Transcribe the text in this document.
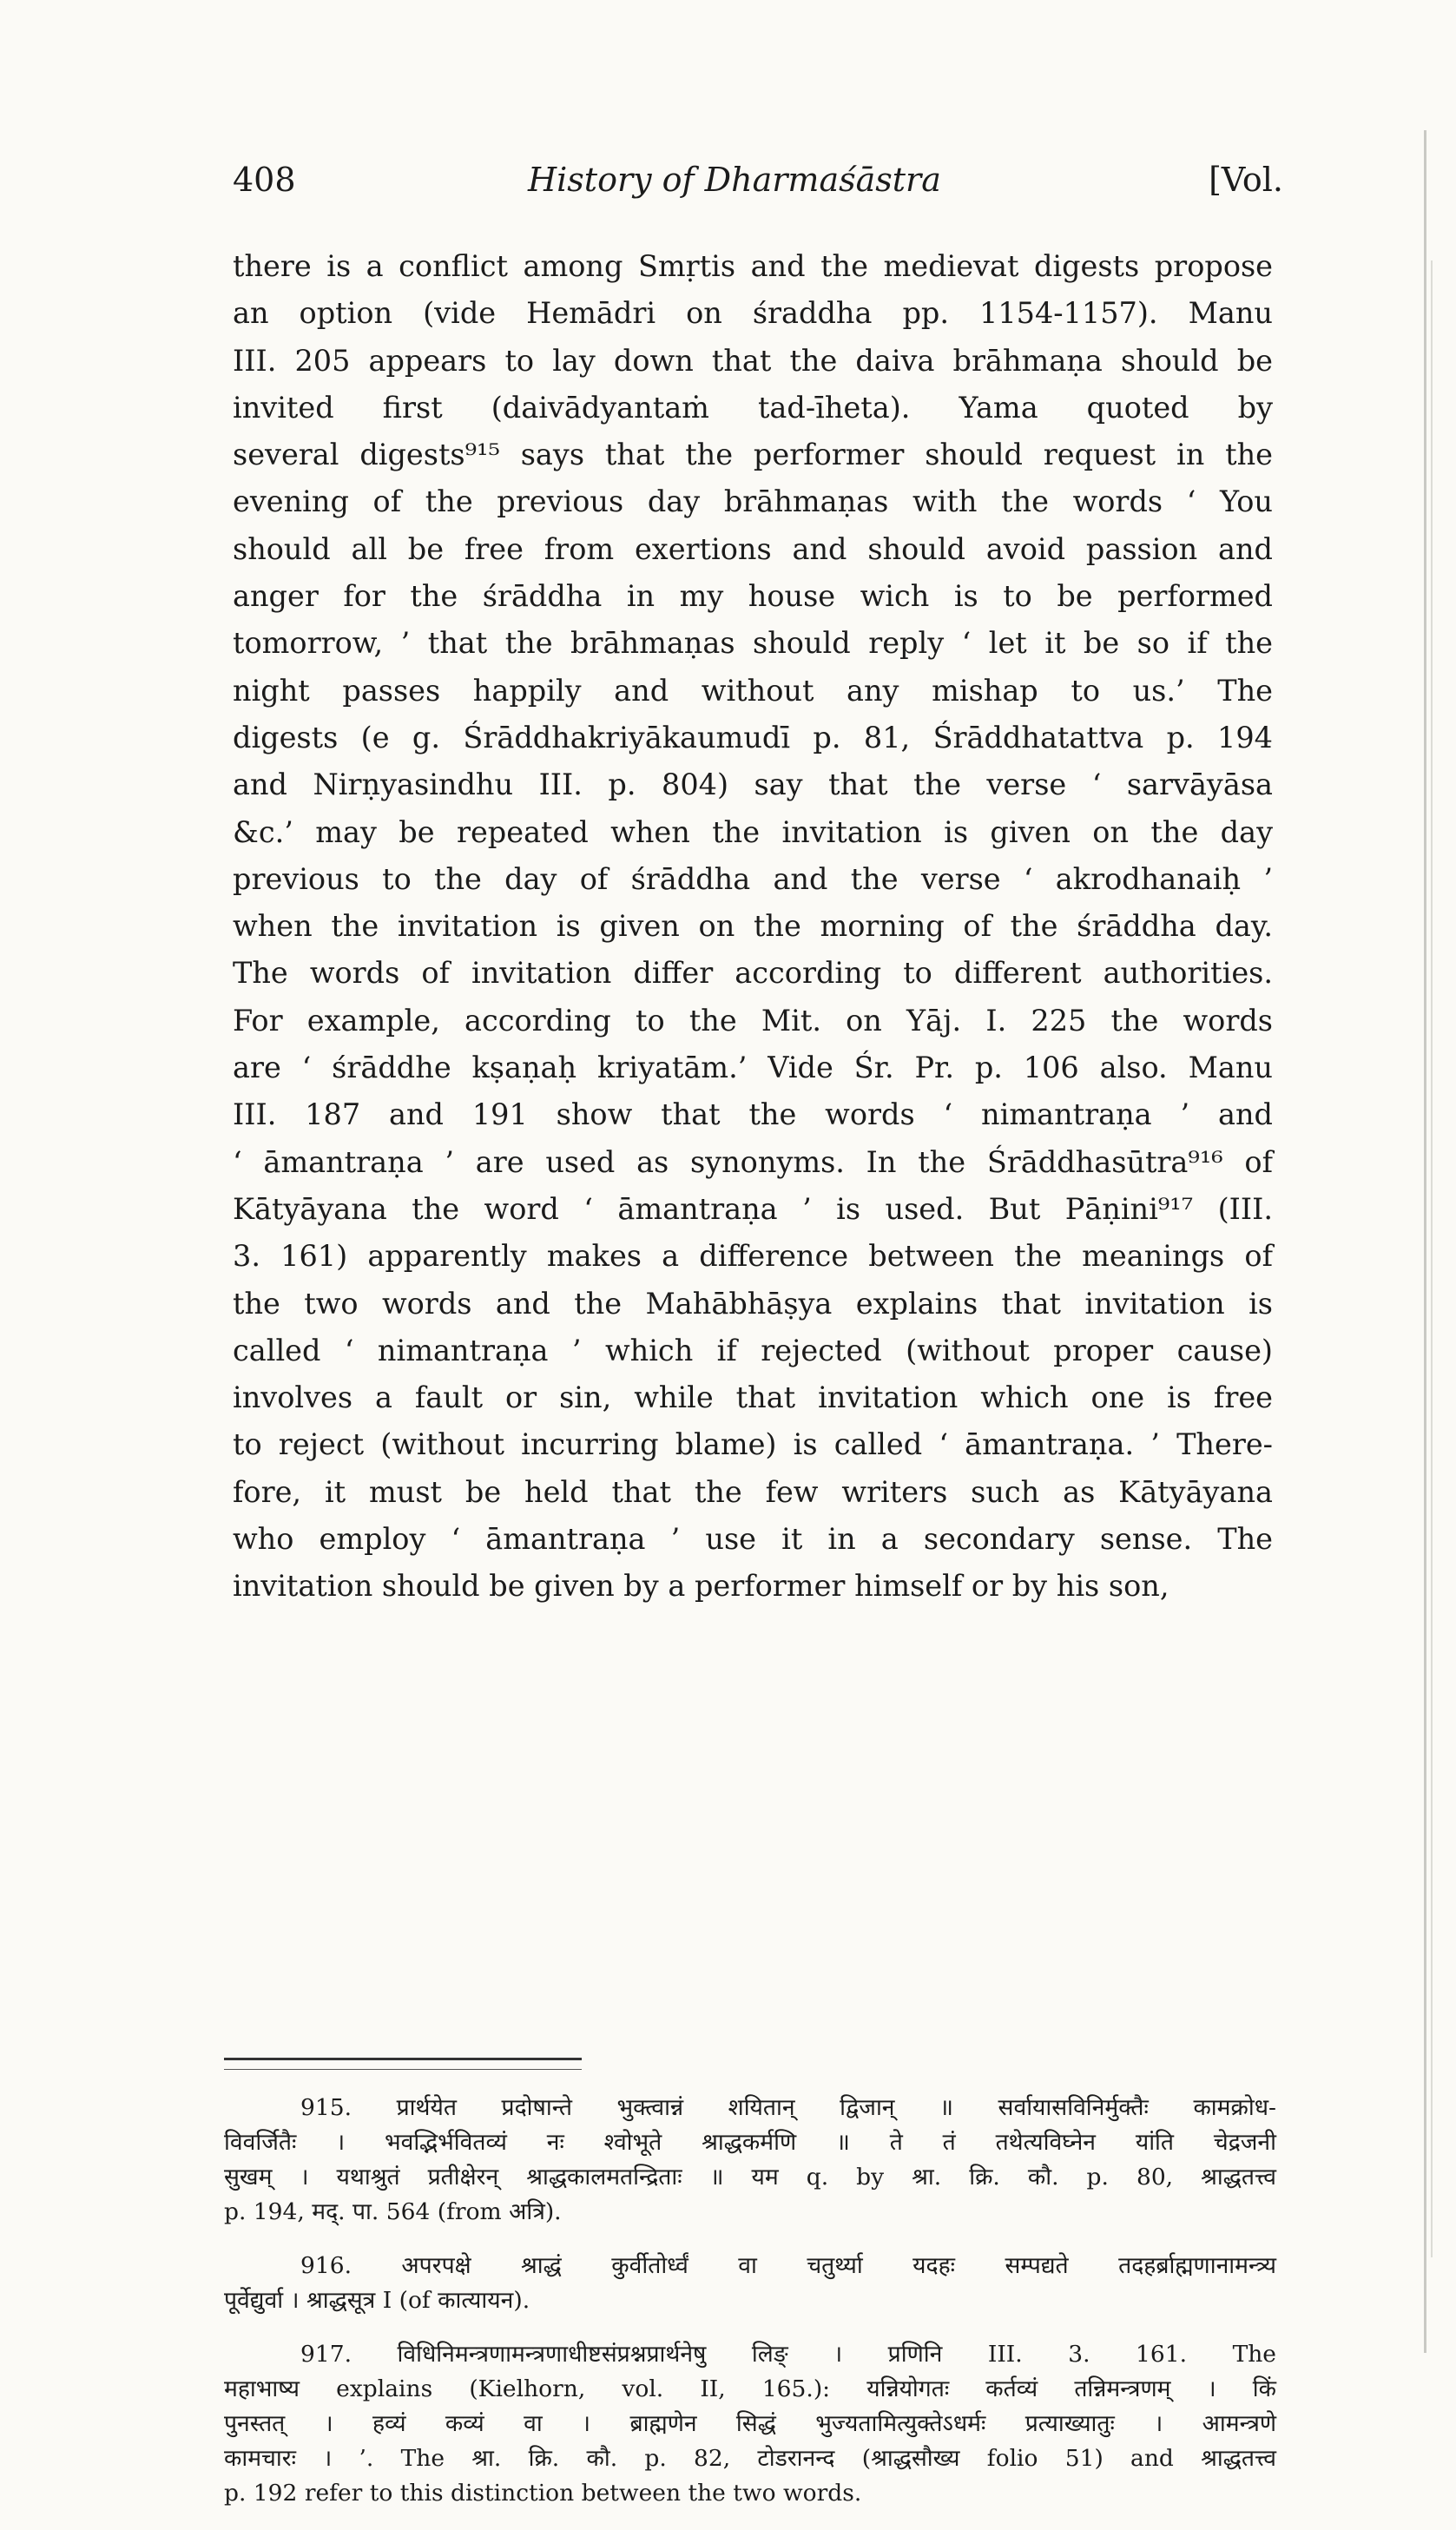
408	History of Dharmaśāstra	[Vol.
there is a conflict among Smṛtis and the medievat digests propose
an option (vide Hemādri on śraddha pp. 1154-1157). Manu
III. 205 appears to lay down that the daiva brāhmaṇa should be
invited first (daivādyantaṁ tad-īheta). Yama quoted by
several digests⁹¹⁵ says that the performer should request in the
evening of the previous day brāhmaṇas with the words ‘ You
should all be free from exertions and should avoid passion and
anger for the śrāddha in my house wich is to be performed
tomorrow, ’ that the brāhmaṇas should reply ‘ let it be so if the
night passes happily and without any mishap to us.’ The
digests (e g. Śrāddhakriyākaumudī p. 81, Śrāddhatattva p. 194
and Nirṇyasindhu III. p. 804) say that the verse ‘ sarvāyāsa
&c.’ may be repeated when the invitation is given on the day
previous to the day of śrāddha and the verse ‘ akrodhanaiḥ ’
when the invitation is given on the morning of the śrāddha day.
The words of invitation differ according to different authorities.
For example, according to the Mit. on Yāj. I. 225 the words
are ‘ śrāddhe kṣaṇaḥ kriyatām.’ Vide Śr. Pr. p. 106 also. Manu
III. 187 and 191 show that the words ‘ nimantraṇa ’ and
‘ āmantraṇa ’ are used as synonyms. In the Śrāddhasūtra⁹¹⁶ of
Kātyāyana the word ‘ āmantraṇa ’ is used. But Pāṇini⁹¹⁷ (III.
3. 161) apparently makes a difference between the meanings of
the two words and the Mahābhāṣya explains that invitation is
called ‘ nimantraṇa ’ which if rejected (without proper cause)
involves a fault or sin, while that invitation which one is free
to reject (without incurring blame) is called ‘ āmantraṇa. ’ There-
fore, it must be held that the few writers such as Kātyāyana
who employ ‘ āmantraṇa ’ use it in a secondary sense. The
invitation should be given by a performer himself or by his son,
915. प्रार्थयेत प्रदोषान्ते भुक्त्वान्नं शयितान् द्विजान् ॥ सर्वायासविनिर्मुक्तैः कामक्रोध-
विवर्जितैः । भवद्भिर्भवितव्यं नः श्वोभूते श्राद्धकर्मणि ॥ ते तं तथेत्यविघ्नेन यांति चेद्रजनी
सुखम् । यथाश्रुतं प्रतीक्षेरन् श्राद्धकालमतन्द्रिताः ॥ यम q. by श्रा. क्रि. कौ. p. 80, श्राद्धतत्त्व
p. 194, मद्. पा. 564 (from अत्रि).
916. अपरपक्षे श्राद्धं कुर्वीतोर्ध्वं वा चतुर्थ्या यदहः सम्पद्यते तदहर्ब्राह्मणानामन्त्र्य
पूर्वेद्युर्वा । श्राद्धसूत्र I (of कात्यायन).
917. विधिनिमन्त्रणामन्त्रणाधीष्टसंप्रश्नप्रार्थनेषु लिङ् । प्रणिनि III. 3. 161. The
महाभाष्य explains (Kielhorn, vol. II, 165.): यन्नियोगतः कर्तव्यं तन्निमन्त्रणम् । किं
पुनस्तत् । हव्यं कव्यं वा । ब्राह्मणेन सिद्धं भुज्यतामित्युक्तेऽधर्मः प्रत्याख्यातुः । आमन्त्रणे
कामचारः । ’. The श्रा. क्रि. कौ. p. 82, टोडरानन्द (श्राद्धसौख्य folio 51) and श्राद्धतत्त्व
p. 192 refer to this distinction between the two words.
